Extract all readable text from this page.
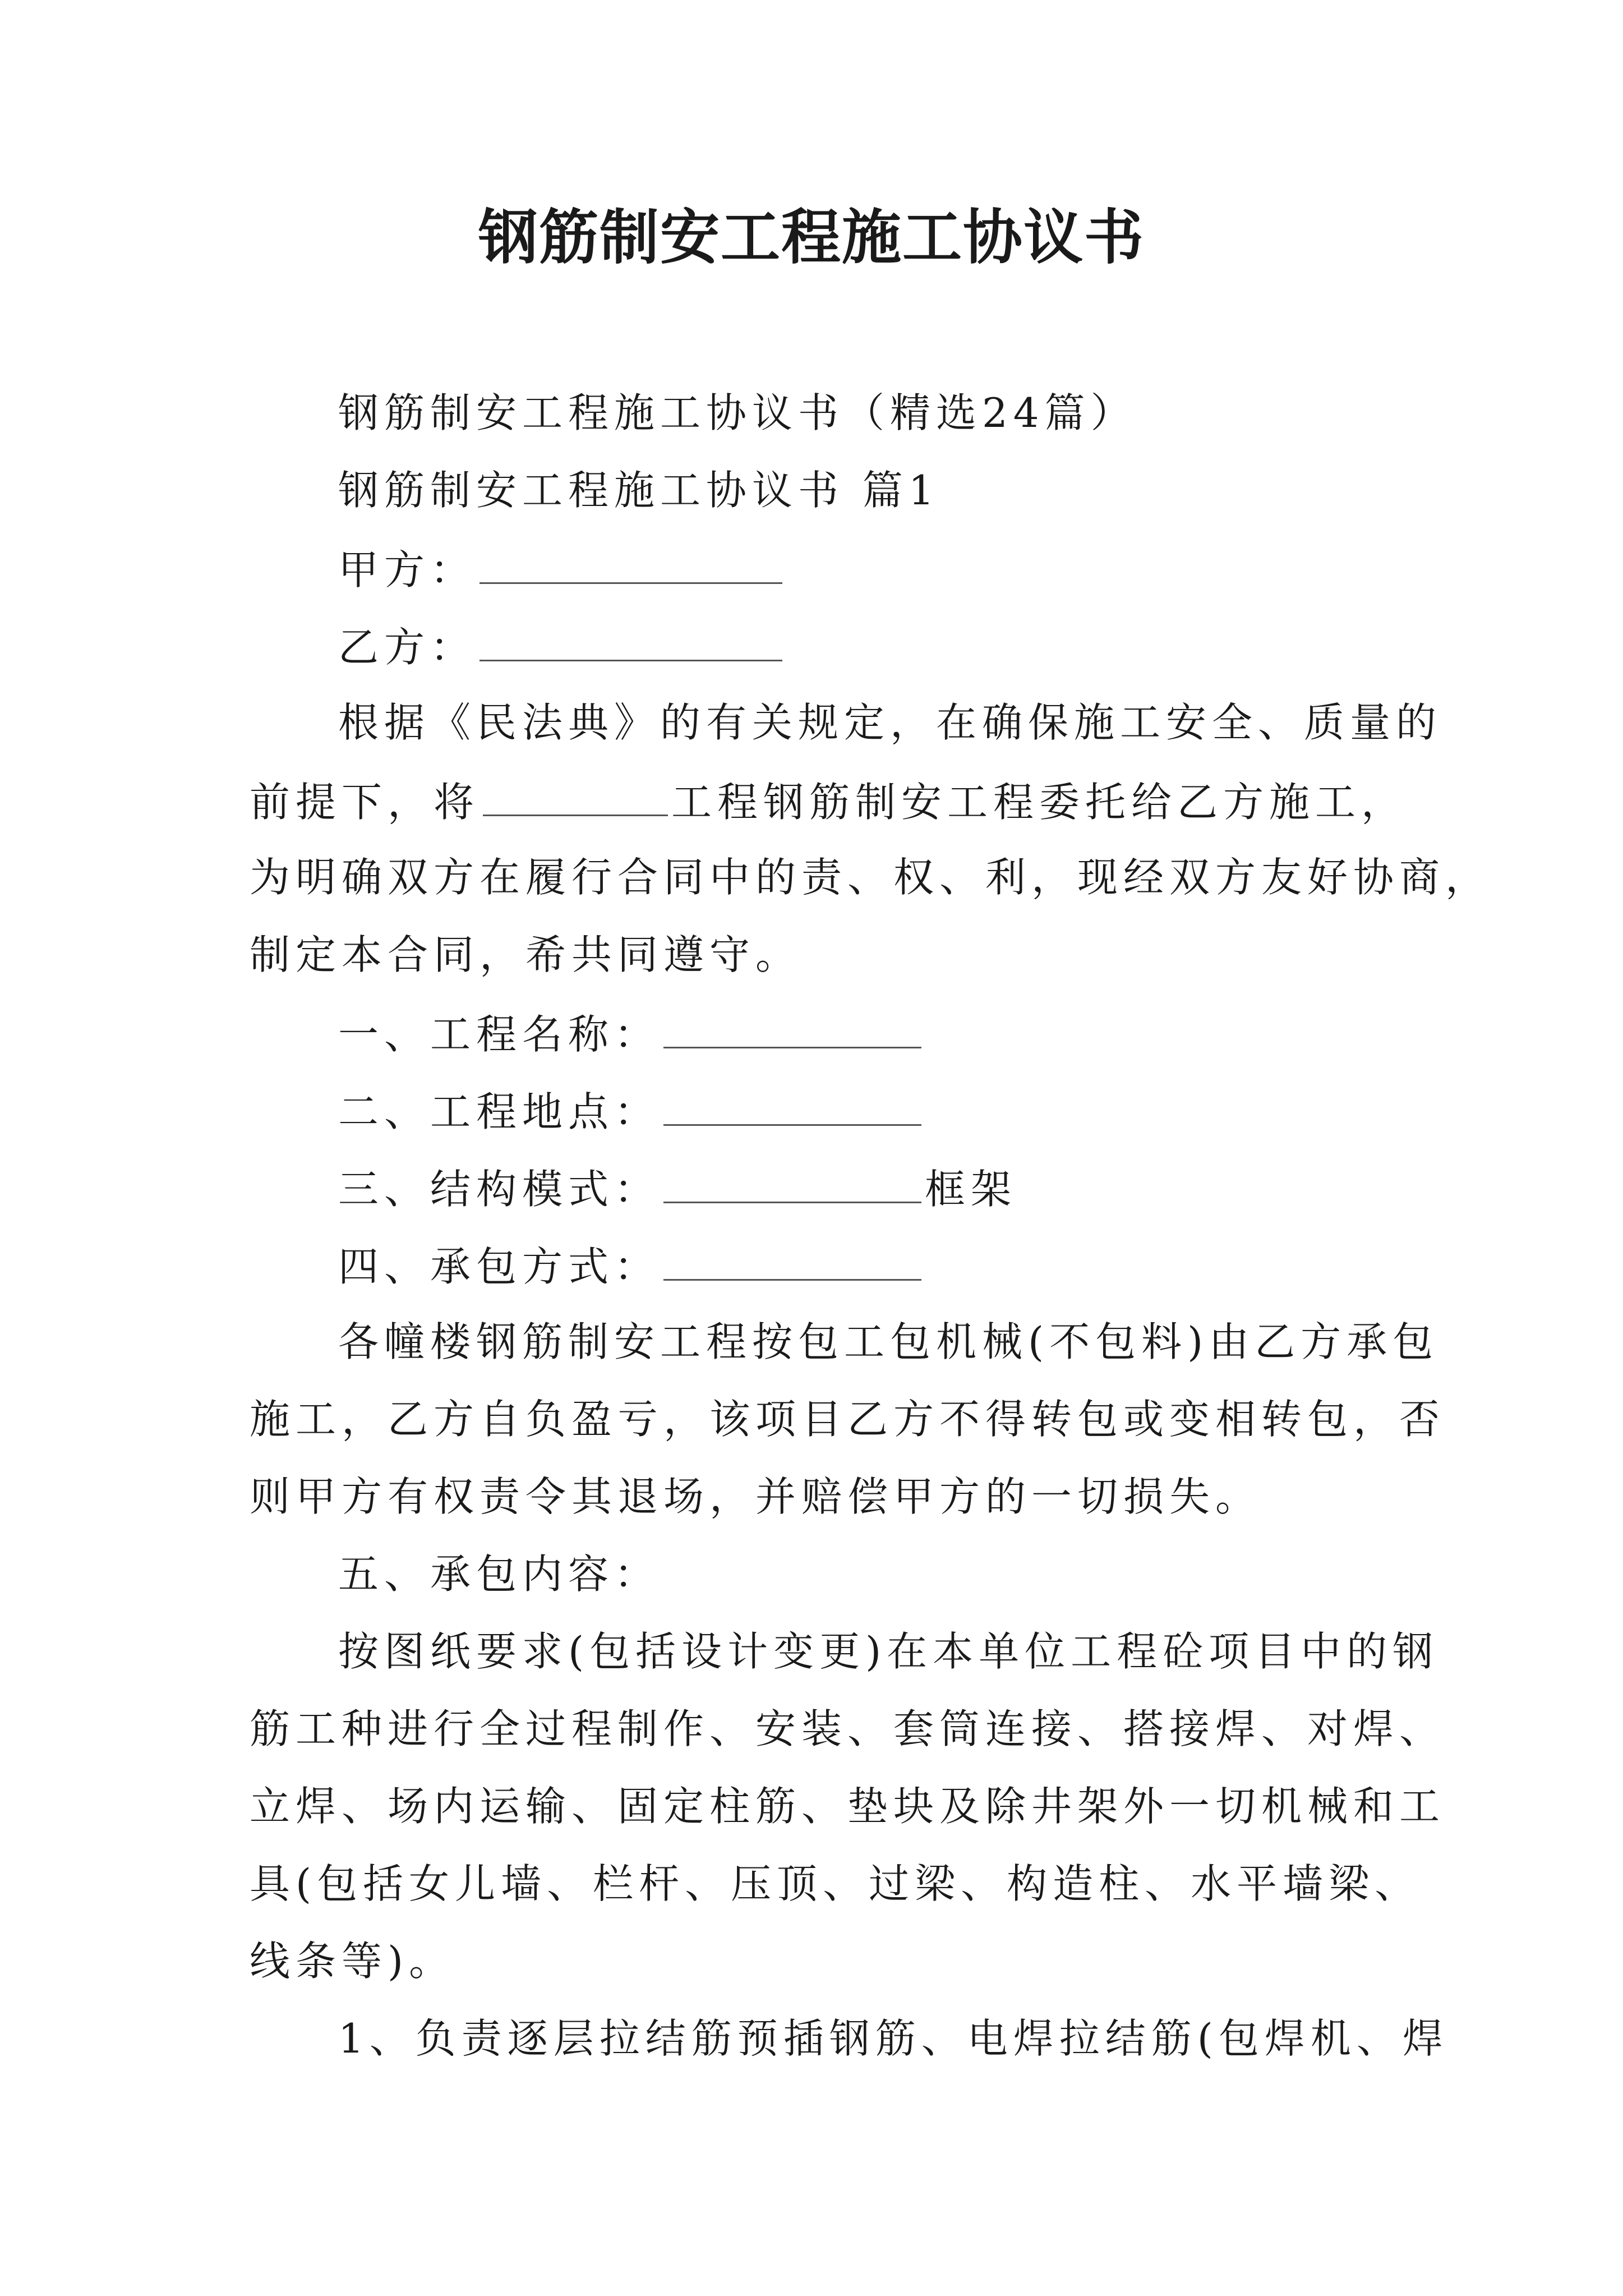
钢筋制安工程施工协议书
钢筋制安工程施工协议书（精选24篇）
钢筋制安工程施工协议书 篇1
甲方：
乙方：
根据《民法典》的有关规定，在确保施工安全、质量的
前提下，将	工程钢筋制安工程委托给乙方施工，
为明确双方在履行合同中的责、权、利，现经双方友好协商，
制定本合同，希共同遵守。
一、工程名称：
二、工程地点：
三、结构模式：	框架
四、承包方式：
各幢楼钢筋制安工程按包工包机械(不包料)由乙方承包
施工，乙方自负盈亏，该项目乙方不得转包或变相转包，否
则甲方有权责令其退场，并赔偿甲方的一切损失。
五、承包内容：
按图纸要求(包括设计变更)在本单位工程砼项目中的钢
筋工种进行全过程制作、安装、套筒连接、搭接焊、对焊、
立焊、场内运输、固定柱筋、垫块及除井架外一切机械和工
具(包括女儿墙、栏杆、压顶、过梁、构造柱、水平墙梁、
线条等)。
1、负责逐层拉结筋预插钢筋、电焊拉结筋(包焊机、焊
